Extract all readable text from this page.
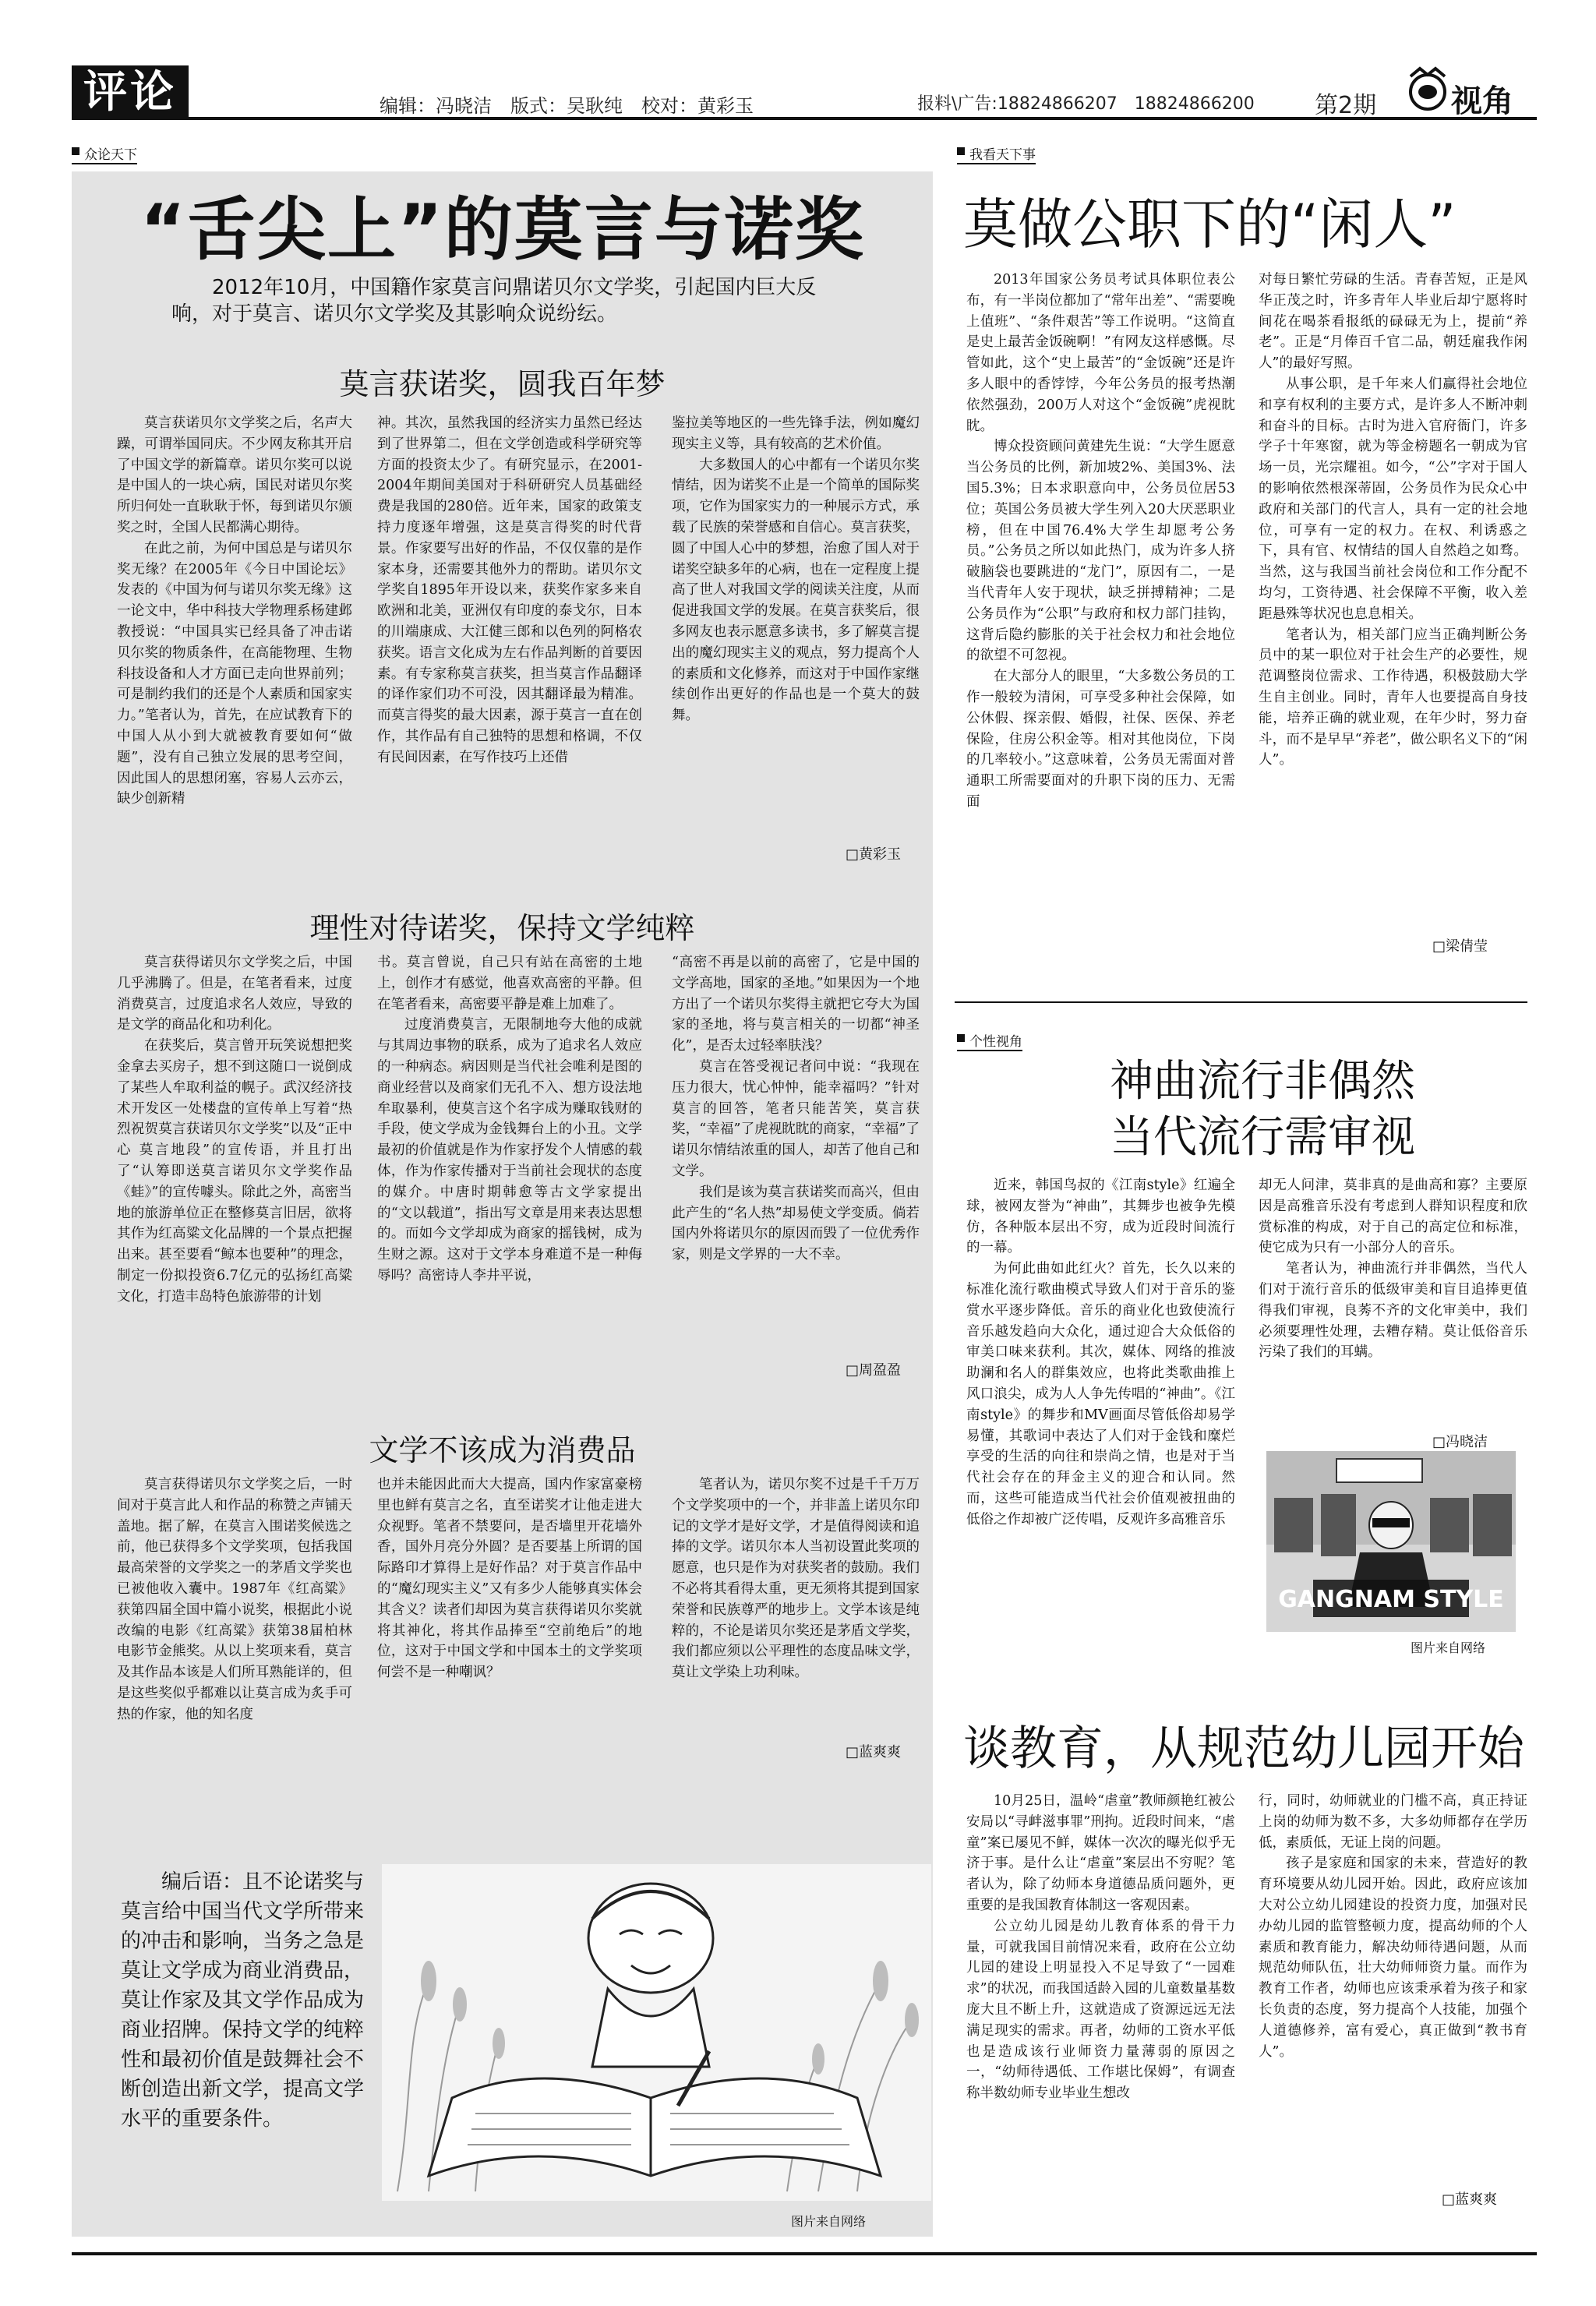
评论	编辑：冯晓洁　版式：吴耿纯　校对：黄彩玉	报料\广告:18824866207　18824866200	第2期 视角
众论天下
“舌尖上”的莫言与诺奖
2012年10月，中国籍作家莫言问鼎诺贝尔文学奖，引起国内巨大反响，对于莫言、诺贝尔文学奖及其影响众说纷纭。
莫言获诺奖，圆我百年梦

莫言获诺贝尔文学奖之后，名声大躁，可谓举国同庆。不少网友称其开启了中国文学的新篇章。诺贝尔奖可以说是中国人的一块心病，国民对诺贝尔奖所归何处一直耿耿于怀，每到诺贝尔颁奖之时，全国人民都满心期待。

在此之前，为何中国总是与诺贝尔奖无缘？在2005年《今日中国论坛》发表的《中国为何与诺贝尔奖无缘》这一论文中，华中科技大学物理系杨建邺教授说：“中国具实已经具备了冲击诺贝尔奖的物质条件，在高能物理、生物科技设备和人才方面已走向世界前列；可是制约我们的还是个人素质和国家实力。”笔者认为，首先，在应试教育下的中国人从小到大就被教育要如何“做题”，没有自己独立发展的思考空间，因此国人的思想闭塞，容易人云亦云，缺少创新精

神。其次，虽然我国的经济实力虽然已经达到了世界第二，但在文学创造或科学研究等方面的投资太少了。有研究显示，在2001-2004年期间美国对于科研研究人员基础经费是我国的280倍。近年来，国家的政策支持力度逐年增强，这是莫言得奖的时代背景。作家要写出好的作品，不仅仅靠的是作家本身，还需要其他外力的帮助。诺贝尔文学奖自1895年开设以来，获奖作家多来自欧洲和北美，亚洲仅有印度的泰戈尔，日本的川端康成、大江健三郎和以色列的阿格农获奖。语言文化成为左右作品判断的首要因素。有专家称莫言获奖，担当莫言作品翻译的译作家们功不可没，因其翻译最为精准。而莫言得奖的最大因素，源于莫言一直在创作，其作品有自己独特的思想和格调，不仅有民间因素，在写作技巧上还借

鉴拉美等地区的一些先锋手法，例如魔幻现实主义等，具有较高的艺术价值。

大多数国人的心中都有一个诺贝尔奖情结，因为诺奖不止是一个简单的国际奖项，它作为国家实力的一种展示方式，承载了民族的荣誉感和自信心。莫言获奖，圆了中国人心中的梦想，治愈了国人对于诺奖空缺多年的心病，也在一定程度上提高了世人对我国文学的阅读关注度，从而促进我国文学的发展。在莫言获奖后，很多网友也表示愿意多读书，多了解莫言提出的魔幻现实主义的观点，努力提高个人的素质和文化修养，而这对于中国作家继续创作出更好的作品也是一个莫大的鼓舞。

□ 黄彩玉
理性对待诺奖，保持文学纯粹

莫言获得诺贝尔文学奖之后，中国几乎沸腾了。但是，在笔者看来，过度消费莫言，过度追求名人效应，导致的是文学的商品化和功利化。

在获奖后，莫言曾开玩笑说想把奖金拿去买房子，想不到这随口一说倒成了某些人牟取利益的幌子。武汉经济技术开发区一处楼盘的宣传单上写着“热烈祝贺莫言获诺贝尔文学奖”以及“正中心 莫言地段”的宣传语，并且打出了“认筹即送莫言诺贝尔文学奖作品《蛙》”的宣传噱头。除此之外，高密当地的旅游单位正在整修莫言旧居，欲将其作为红高粱文化品牌的一个景点把握出来。甚至要看“鲸本也要种”的理念，制定一份拟投资6.7亿元的弘扬红高粱文化，打造丰岛特色旅游带的计划

书。莫言曾说，自己只有站在高密的土地上，创作才有感觉，他喜欢高密的平静。但在笔者看来，高密要平静是难上加难了。

过度消费莫言，无限制地夸大他的成就与其周边事物的联系，成为了追求名人效应的一种病态。病因则是当代社会唯利是图的商业经营以及商家们无孔不入、想方设法地牟取暴利，使莫言这个名字成为赚取钱财的手段，使文学成为金钱舞台上的小丑。文学最初的价值就是作为作家抒发个人情感的载体，作为作家传播对于当前社会现状的态度的媒介。中唐时期韩愈等古文学家提出的“文以载道”，指出写文章是用来表达思想的。而如今文学却成为商家的摇钱树，成为生财之源。这对于文学本身难道不是一种侮辱吗？高密诗人李井平说，

“高密不再是以前的高密了，它是中国的文学高地，国家的圣地。”如果因为一个地方出了一个诺贝尔奖得主就把它夸大为国家的圣地，将与莫言相关的一切都“神圣化”，是否太过轻率肤浅？

莫言在答受视记者问中说：“我现在压力很大，忧心忡忡，能幸福吗？”针对莫言的回答，笔者只能苦笑，莫言获奖，“幸福”了虎视眈眈的商家，“幸福”了诺贝尔情结浓重的国人，却苦了他自己和文学。

我们是该为莫言获诺奖而高兴，但由此产生的“名人热”却易使文学变质。倘若国内外将诺贝尔的原因而毁了一位优秀作家，则是文学界的一大不幸。

□ 周盈盈
文学不该成为消费品

莫言获得诺贝尔文学奖之后，一时间对于莫言此人和作品的称赞之声铺天盖地。据了解，在莫言入围诺奖候选之前，他已获得多个文学奖项，包括我国最高荣誉的文学奖之一的茅盾文学奖也已被他收入囊中。1987年《红高粱》获第四届全国中篇小说奖，根据此小说改编的电影《红高粱》获第38届柏林电影节金熊奖。从以上奖项来看，莫言及其作品本该是人们所耳熟能详的，但是这些奖似乎都难以让莫言成为炙手可热的作家，他的知名度

也并未能因此而大大提高，国内作家富豪榜里也鲜有莫言之名，直至诺奖才让他走进大众视野。笔者不禁要问，是否墙里开花墙外香，国外月亮分外圆？是否要基上所谓的国际路印才算得上是好作品？对于莫言作品中的“魔幻现实主义”又有多少人能够真实体会其含义？读者们却因为莫言获得诺贝尔奖就将其神化，将其作品捧至“空前绝后”的地位，这对于中国文学和中国本土的文学奖项何尝不是一种嘲讽？

笔者认为，诺贝尔奖不过是千千万万个文学奖项中的一个，并非盖上诺贝尔印记的文学才是好文学，才是值得阅读和追捧的文学。诺贝尔本人当初设置此奖项的愿意，也只是作为对获奖者的鼓励。我们不必将其看得太重，更无须将其提到国家荣誉和民族尊严的地步上。文学本该是纯粹的，不论是诺贝尔奖还是茅盾文学奖，我们都应须以公平理性的态度品味文学，莫让文学染上功利味。

□ 蓝爽爽
编后语：且不论诺奖与莫言给中国当代文学所带来的冲击和影响，当务之急是莫让文学成为商业消费品，莫让作家及其文学作品成为商业招牌。保持文学的纯粹性和最初价值是鼓舞社会不断创造出新文学，提高文学水平的重要条件。
图片来自网络
我看天下事
莫做公职下的“闲人”

2013年国家公务员考试具体职位表公布，有一半岗位都加了“常年出差”、“需要晚上值班”、“条件艰苦”等工作说明。“这简直是史上最苦金饭碗啊！”有网友这样感慨。尽管如此，这个“史上最苦”的“金饭碗”还是许多人眼中的香饽饽，今年公务员的报考热潮依然强劲，200万人对这个“金饭碗”虎视眈眈。

博众投资顾问黄建先生说：“大学生愿意当公务员的比例，新加坡2%、美国3%、法国5.3%；日本求职意向中，公务员位居53位；英国公务员被大学生列入20大厌恶职业榜，但在中国76.4%大学生却愿考公务员。”公务员之所以如此热门，成为许多人挤破脑袋也要跳进的“龙门”，原因有二，一是当代青年人安于现状，缺乏拼搏精神；二是公务员作为“公职”与政府和权力部门挂钩，这背后隐约膨胀的关于社会权力和社会地位的欲望不可忽视。

在大部分人的眼里，“大多数公务员的工作一般较为清闲，可享受多种社会保障，如公休假、探亲假、婚假，社保、医保、养老保险，住房公积金等。相对其他岗位，下岗的几率较小。”这意味着，公务员无需面对普通职工所需要面对的升职下岗的压力、无需面

对每日繁忙劳碌的生活。青春苦短，正是风华正茂之时，许多青年人毕业后却宁愿将时间花在喝茶看报纸的碌碌无为上，提前“养老”。正是“月俸百千官二品，朝廷雇我作闲人”的最好写照。

从事公职，是千年来人们赢得社会地位和享有权利的主要方式，是许多人不断冲刺和奋斗的目标。古时为进入官府衙门，许多学子十年寒窗，就为等金榜题名一朝成为官场一员，光宗耀祖。如今，“公”字对于国人的影响依然根深蒂固，公务员作为民众心中政府和关部门的代言人，具有一定的社会地位，可享有一定的权力。在权、利诱惑之下，具有官、权情结的国人自然趋之如骛。当然，这与我国当前社会岗位和工作分配不均匀，工资待遇、社会保障不平衡，收入差距悬殊等状况也息息相关。

笔者认为，相关部门应当正确判断公务员中的某一职位对于社会生产的必要性，规范调整岗位需求、工作待遇，积极鼓励大学生自主创业。同时，青年人也要提高自身技能，培养正确的就业观，在年少时，努力奋斗，而不是早早“养老”，做公职名义下的“闲人”。

□ 梁倩莹
个性视角
神曲流行非偶然
当代流行需审视

近来，韩国鸟叔的《江南style》红遍全球，被网友誉为“神曲”，其舞步也被争先模仿，各种版本层出不穷，成为近段时间流行的一幕。

为何此曲如此红火？首先，长久以来的标准化流行歌曲模式导致人们对于音乐的鉴赏水平逐步降低。音乐的商业化也致使流行音乐越发趋向大众化，通过迎合大众低俗的审美口味来获利。其次，媒体、网络的推波助澜和名人的群集效应，也将此类歌曲推上风口浪尖，成为人人争先传唱的“神曲”。《江南style》的舞步和MV画面尽管低俗却易学易懂，其歌词中表达了人们对于金钱和糜烂享受的生活的向往和崇尚之情，也是对于当代社会存在的拜金主义的迎合和认同。然而，这些可能造成当代社会价值观被扭曲的低俗之作却被广泛传唱，反观许多高雅音乐

却无人问津，莫非真的是曲高和寡？主要原因是高雅音乐没有考虑到人群知识程度和欣赏标准的构成，对于自己的高定位和标准，使它成为只有一小部分人的音乐。

笔者认为，神曲流行并非偶然，当代人们对于流行音乐的低级审美和盲目追捧更值得我们审视，良莠不齐的文化审美中，我们必须要理性处理，去糟存精。莫让低俗音乐污染了我们的耳螨。

□ 冯晓洁
GANGNAM STYLE
图片来自网络
谈教育，从规范幼儿园开始

10月25日，温岭“虐童”教师颜艳红被公安局以“寻衅滋事罪”刑拘。近段时间来，“虐童”案已屡见不鲜，媒体一次次的曝光似乎无济于事。是什么让“虐童”案层出不穷呢？笔者认为，除了幼师本身道德品质问题外，更重要的是我国教育体制这一客观因素。

公立幼儿园是幼儿教育体系的骨干力量，可就我国目前情况来看，政府在公立幼儿园的建设上明显投入不足导致了“一园难求”的状况，而我国适龄入园的儿童数量基数庞大且不断上升，这就造成了资源远远无法满足现实的需求。再者，幼师的工资水平低也是造成该行业师资力量薄弱的原因之一，“幼师待遇低、工作堪比保姆”，有调查称半数幼师专业毕业生想改

行，同时，幼师就业的门槛不高，真正持证上岗的幼师为数不多，大多幼师都存在学历低，素质低，无证上岗的问题。

孩子是家庭和国家的未来，营造好的教育环境要从幼儿园开始。因此，政府应该加大对公立幼儿园建设的投资力度，加强对民办幼儿园的监管整顿力度，提高幼师的个人素质和教育能力，解决幼师待遇问题，从而规范幼师队伍，壮大幼师师资力量。而作为教育工作者，幼师也应该秉承着为孩子和家长负责的态度，努力提高个人技能，加强个人道德修养，富有爱心，真正做到“教书育人”。

□ 蓝爽爽
